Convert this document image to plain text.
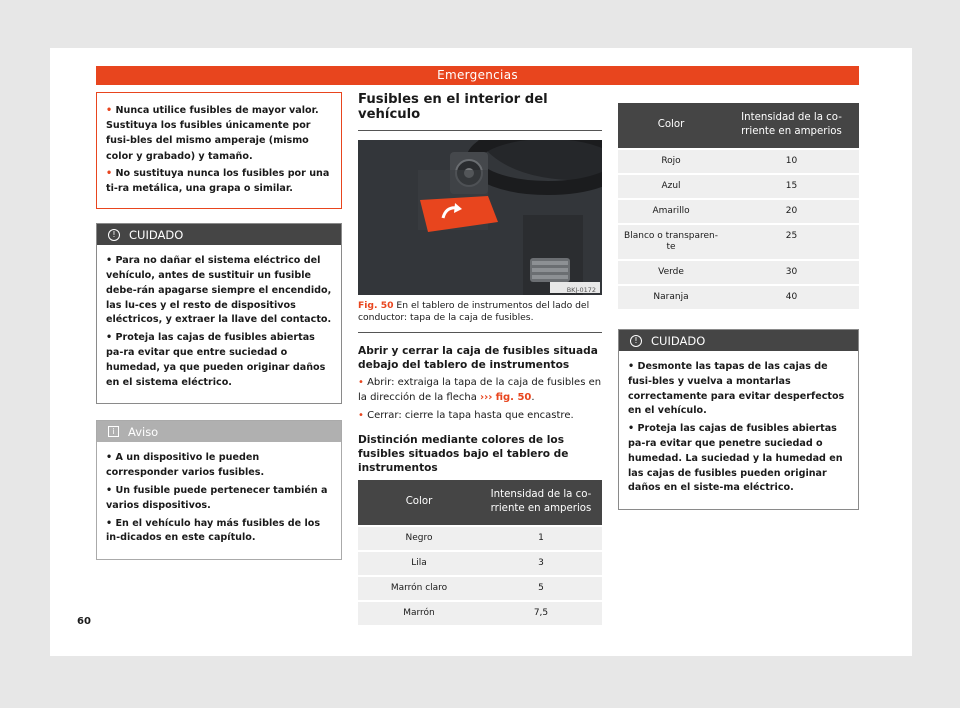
Emergencias

• Nunca utilice fusibles de mayor valor. Sustituya los fusibles únicamente por fusi-bles del mismo amperaje (mismo color y grabado) y tamaño.

• No sustituya nunca los fusibles por una ti-ra metálica, una grapa o similar.

!	CUIDADO

• Para no dañar el sistema eléctrico del vehículo, antes de sustituir un fusible debe-rán apagarse siempre el encendido, las lu-ces y el resto de dispositivos eléctricos, y extraer la llave del contacto.

• Proteja las cajas de fusibles abiertas pa-ra evitar que entre suciedad o humedad, ya que pueden originar daños en el sistema eléctrico.

i	Aviso

• A un dispositivo le pueden corresponder varios fusibles.

• Un fusible puede pertenecer también a varios dispositivos.

• En el vehículo hay más fusibles de los in-dicados en este capítulo.

Fusibles en el interior del vehículo
BKJ-0172
Fig. 50 En el tablero de instrumentos del lado del conductor: tapa de la caja de fusibles.
Abrir y cerrar la caja de fusibles situada debajo del tablero de instrumentos
• Abrir: extraiga la tapa de la caja de fusibles en la dirección de la flecha ››› fig. 50.
• Cerrar: cierre la tapa hasta que encastre.
Distinción mediante colores de los fusibles situados bajo el tablero de instrumentos
Color	Intensidad de la co-rriente en amperios
Negro	1
Lila	3
Marrón claro	5
Marrón	7,5
Color	Intensidad de la co-rriente en amperios
Rojo	10
Azul	15
Amarillo	20
Blanco o transparen-te	25
Verde	30
Naranja	40
!	CUIDADO

• Desmonte las tapas de las cajas de fusi-bles y vuelva a montarlas correctamente para evitar desperfectos en el vehículo.

• Proteja las cajas de fusibles abiertas pa-ra evitar que penetre suciedad o humedad. La suciedad y la humedad en las cajas de fusibles pueden originar daños en el siste-ma eléctrico.

60
